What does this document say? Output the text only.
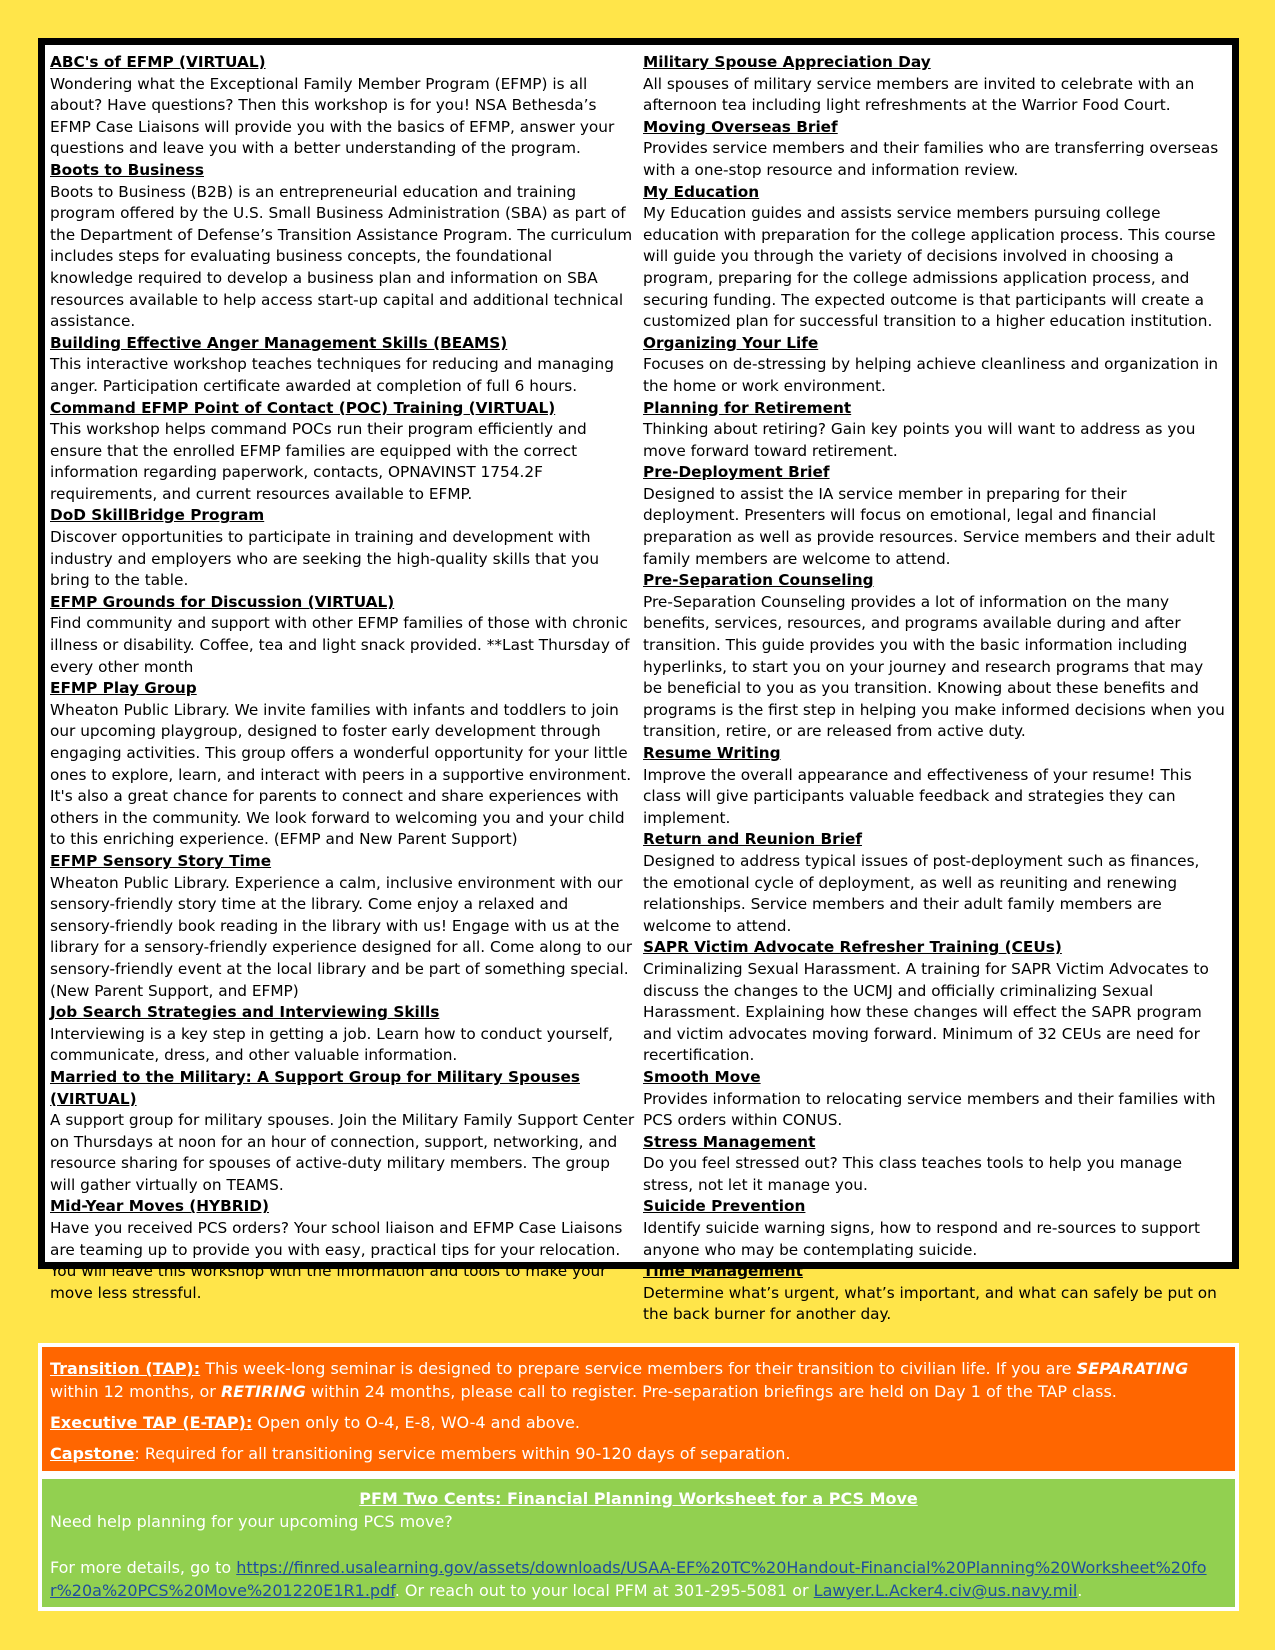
ABC's of EFMP (VIRTUAL)
Wondering what the Exceptional Family Member Program (EFMP) is all about? Have questions? Then this workshop is for you! NSA Bethesda’s EFMP Case Liaisons will provide you with the basics of EFMP, answer your questions and leave you with a better understanding of the program.
Boots to Business
Boots to Business (B2B) is an entrepreneurial education and training program offered by the U.S. Small Business Administration (SBA) as part of the Department of Defense’s Transition Assistance Program. The curriculum includes steps for evaluating business concepts, the foundational knowledge required to develop a business plan and information on SBA resources available to help access start-up capital and additional technical assistance.
Building Effective Anger Management Skills (BEAMS)
This interactive workshop teaches techniques for reducing and managing anger. Participation certificate awarded at completion of full 6 hours.
Command EFMP Point of Contact (POC) Training (VIRTUAL)
This workshop helps command POCs run their program efficiently and ensure that the enrolled EFMP families are equipped with the correct information regarding paperwork, contacts, OPNAVINST 1754.2F requirements, and current resources available to EFMP.
DoD SkillBridge Program
Discover opportunities to participate in training and development with industry and employers who are seeking the high-quality skills that you bring to the table.
EFMP Grounds for Discussion (VIRTUAL)
Find community and support with other EFMP families of those with chronic illness or disability. Coffee, tea and light snack provided. **Last Thursday of every other month
EFMP Play Group
Wheaton Public Library. We invite families with infants and toddlers to join our upcoming playgroup, designed to foster early development through engaging activities. This group offers a wonderful opportunity for your little ones to explore, learn, and interact with peers in a supportive environment. It's also a great chance for parents to connect and share experiences with others in the community. We look forward to welcoming you and your child to this enriching experience. (EFMP and New Parent Support)
EFMP Sensory Story Time
Wheaton Public Library. Experience a calm, inclusive environment with our sensory-friendly story time at the library. Come enjoy a relaxed and sensory-friendly book reading in the library with us! Engage with us at the library for a sensory-friendly experience designed for all. Come along to our sensory-friendly event at the local library and be part of something special. (New Parent Support, and EFMP)
Job Search Strategies and Interviewing Skills
Interviewing is a key step in getting a job. Learn how to conduct yourself, communicate, dress, and other valuable information.
Married to the Military: A Support Group for Military Spouses (VIRTUAL)
A support group for military spouses. Join the Military Family Support Center on Thursdays at noon for an hour of connection, support, networking, and resource sharing for spouses of active-duty military members. The group will gather virtually on TEAMS.
Mid-Year Moves (HYBRID)
Have you received PCS orders? Your school liaison and EFMP Case Liaisons are teaming up to provide you with easy, practical tips for your relocation. You will leave this workshop with the information and tools to make your move less stressful.
Military Spouse Appreciation Day
All spouses of military service members are invited to celebrate with an afternoon tea including light refreshments at the Warrior Food Court.
Moving Overseas Brief
Provides service members and their families who are transferring overseas with a one-stop resource and information review.
My Education
My Education guides and assists service members pursuing college education with preparation for the college application process. This course will guide you through the variety of decisions involved in choosing a program, preparing for the college admissions application process, and securing funding. The expected outcome is that participants will create a customized plan for successful transition to a higher education institution.
Organizing Your Life
Focuses on de-stressing by helping achieve cleanliness and organization in the home or work environment.
Planning for Retirement
Thinking about retiring? Gain key points you will want to address as you move forward toward retirement.
Pre-Deployment Brief
Designed to assist the IA service member in preparing for their deployment. Presenters will focus on emotional, legal and financial preparation as well as provide resources. Service members and their adult family members are welcome to attend.
Pre-Separation Counseling
Pre-Separation Counseling provides a lot of information on the many benefits, services, resources, and programs available during and after transition. This guide provides you with the basic information including hyperlinks, to start you on your journey and research programs that may be beneficial to you as you transition. Knowing about these benefits and programs is the first step in helping you make informed decisions when you transition, retire, or are released from active duty.
Resume Writing
Improve the overall appearance and effectiveness of your resume! This class will give participants valuable feedback and strategies they can implement.
Return and Reunion Brief
Designed to address typical issues of post-deployment such as finances, the emotional cycle of deployment, as well as reuniting and renewing relationships. Service members and their adult family members are welcome to attend.
SAPR Victim Advocate Refresher Training (CEUs)
Criminalizing Sexual Harassment. A training for SAPR Victim Advocates to discuss the changes to the UCMJ and officially criminalizing Sexual Harassment. Explaining how these changes will effect the SAPR program and victim advocates moving forward. Minimum of 32 CEUs are need for recertification.
Smooth Move
Provides information to relocating service members and their families with PCS orders within CONUS.
Stress Management
Do you feel stressed out? This class teaches tools to help you manage stress, not let it manage you.
Suicide Prevention
Identify suicide warning signs, how to respond and re-sources to support anyone who may be contemplating suicide.
Time Management
Determine what’s urgent, what’s important, and what can safely be put on the back burner for another day.

Transition (TAP): This week-long seminar is designed to prepare service members for their transition to civilian life. If you are SEPARATING within 12 months, or RETIRING within 24 months, please call to register. Pre-separation briefings are held on Day 1 of the TAP class.

Executive TAP (E-TAP): Open only to O-4, E-8, WO-4 and above.

Capstone: Required for all transitioning service members within 90-120 days of separation.

PFM Two Cents: Financial Planning Worksheet for a PCS Move
Need help planning for your upcoming PCS move?
For more details, go to https://finred.usalearning.gov/assets/downloads/USAA-EF%20TC%20Handout-Financial%20Planning%20Worksheet%20for%20a%20PCS%20Move%201220E1R1.pdf. Or reach out to your local PFM at 301-295-5081 or Lawyer.L.Acker4.civ@us.navy.mil.
